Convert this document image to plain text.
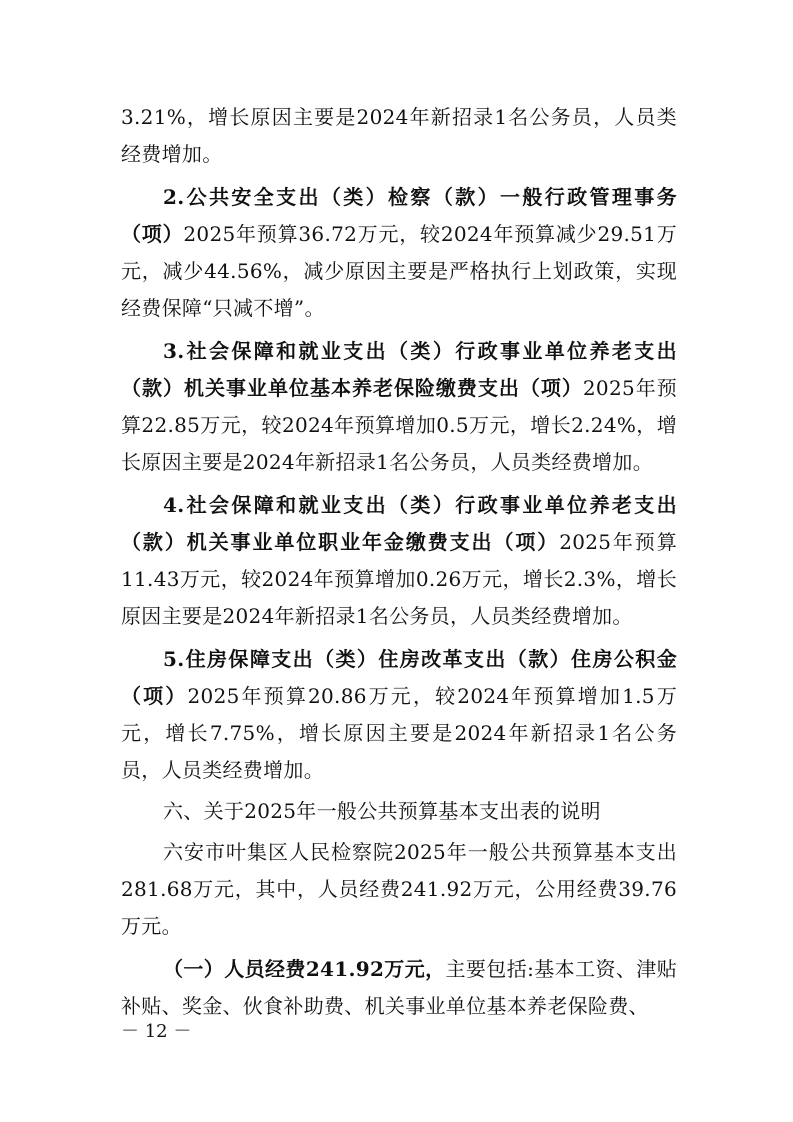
3.21%，增长原因主要是2024年新招录1名公务员，人员类经费增加。

2.公共安全支出（类）检察（款）一般行政管理事务（项）2025年预算36.72万元，较2024年预算减少29.51万元，减少44.56%，减少原因主要是严格执行上划政策，实现经费保障“只减不增”。

3.社会保障和就业支出（类）行政事业单位养老支出（款）机关事业单位基本养老保险缴费支出（项）2025年预算22.85万元，较2024年预算增加0.5万元，增长2.24%，增长原因主要是2024年新招录1名公务员，人员类经费增加。

4.社会保障和就业支出（类）行政事业单位养老支出（款）机关事业单位职业年金缴费支出（项）2025年预算11.43万元，较2024年预算增加0.26万元，增长2.3%，增长原因主要是2024年新招录1名公务员，人员类经费增加。

5.住房保障支出（类）住房改革支出（款）住房公积金（项）2025年预算20.86万元，较2024年预算增加1.5万元，增长7.75%，增长原因主要是2024年新招录1名公务员，人员类经费增加。

六、关于2025年一般公共预算基本支出表的说明

六安市叶集区人民检察院2025年一般公共预算基本支出281.68万元，其中，人员经费241.92万元，公用经费39.76万元。

（一）人员经费241.92万元，主要包括:基本工资、津贴补贴、奖金、伙食补助费、机关事业单位基本养老保险费、

－ 12 －
